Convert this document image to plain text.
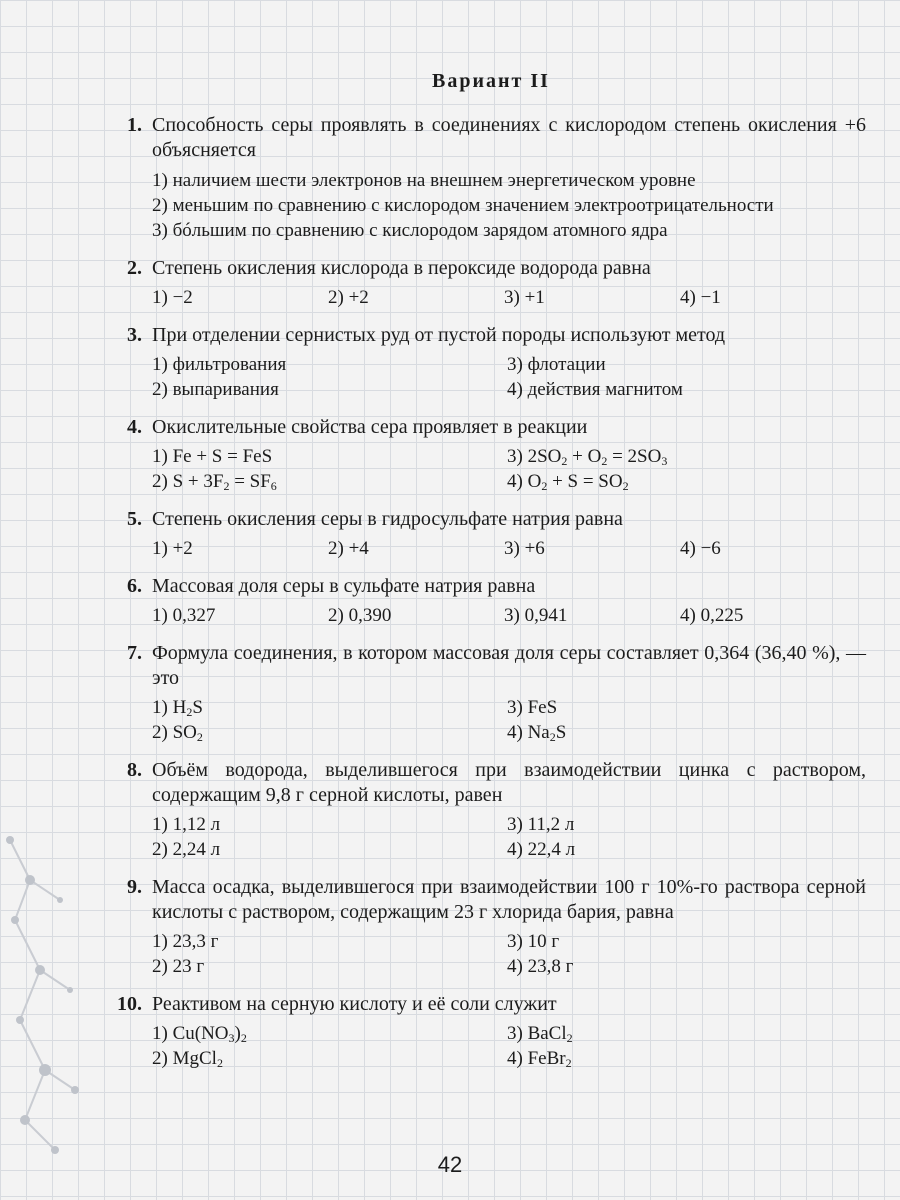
Вариант II
1. Способность серы проявлять в соединениях с кислородом степень окисления +6 объясняется
1) наличием шести электронов на внешнем энергетическом уровне
2) меньшим по сравнению с кислородом значением электроотрицательности
3) бóльшим по сравнению с кислородом зарядом атомного ядра
2. Степень окисления кислорода в пероксиде водорода равна
1) −2	2) +2	3) +1	4) −1
3. При отделении сернистых руд от пустой породы используют метод
1) фильтрования	3) флотации
2) выпаривания	4) действия магнитом
4. Окислительные свойства сера проявляет в реакции
1) Fe + S = FeS	3) $2SO_2 + O_2 = 2SO_3$
2) $S + 3F_2 = SF_6$	4) $O_2 + S = SO_2$
5. Степень окисления серы в гидросульфате натрия равна
1) +2	2) +4	3) +6	4) −6
6. Массовая доля серы в сульфате натрия равна
1) 0,327	2) 0,390	3) 0,941	4) 0,225
7. Формула соединения, в котором массовая доля серы составляет 0,364 (36,40 %), — это
1) $H_2S$	3) FeS
2) $SO_2$	4) $Na_2S$
8. Объём водорода, выделившегося при взаимодействии цинка с раствором, содержащим 9,8 г серной кислоты, равен
1) 1,12 л	3) 11,2 л
2) 2,24 л	4) 22,4 л
9. Масса осадка, выделившегося при взаимодействии 100 г 10%-го раствора серной кислоты с раствором, содержащим 23 г хлорида бария, равна
1) 23,3 г	3) 10 г
2) 23 г	4) 23,8 г
10. Реактивом на серную кислоту и её соли служит
1) $Cu(NO_3)_2$	3) BaCl$_2$
2) MgCl$_2$	4) FeBr$_2$
42
